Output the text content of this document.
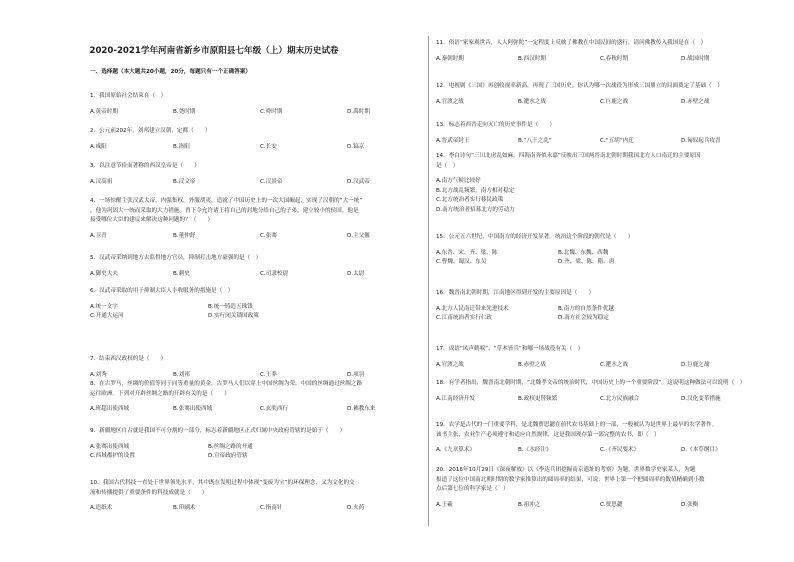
2020-2021学年河南省新乡市原阳县七年级（上）期末历史试卷
一、选择题（本大题共20小题，20分，每题只有一个正确答案）
1．我国原始社会结束在（　）
A.黄帝时期	B.尧时期	C.舜时期	D.禹时期
2．公元前202年，刘邦建立汉朝，定都（　　）
A.咸阳	B.洛阳	C.长安	D.镐京
3．以注意节俭而著称的西汉皇帝是（　　）
A.汉高祖	B.汉文帝	C.汉景帝	D.汉武帝
4．一场惊醒主张汉武大帝，内强集权，外服胡夷，造就了中国历史上的一次大国崛起，实现了汉朝的“大一统”
，他为巩固大一统而采取的大力措施。曾下令允许诸王将自己的封地分给自己的子弟，建立较小的侯国。他是
接受哪位大臣的建议来解决这种问题的？（　　）
A.卫青	B.董仲舒	C.张骞	D.主父偃
5．汉武帝采纳到地方去监督地方官员，抑制打击地方豪强的是（　）
A.御史大夫	B.刺史	C.司隶校尉	D.太尉
6．汉武帝采取的用于抑制大臣人丰收服务的措施是（　）
A.统一文字	B.统一铸造五铢钱
C.开通大运河	D.实行闭关锁国政策
7．结束西汉政权的是（　　）
A.刘秀	B.刘邦	C.王莽	D.项羽
8．在古罗马，丝绸的价值等同于同等重量的黄金，古罗马人们以穿上中国丝绸为荣。中国的丝绸通过丝绸之路
运往欧洲。下列对开辟丝绸之路的开辟有关的是（　　）
A.班超出使西域	B.张骞出使西域	C.玄奘西行	D.佛教东来
9．新疆地区自古就是我国不可分割的一部分，标志着新疆地区正式归属中央政府管辖的是始于（　　）
A.张骞出使西域	B.丝绸之路的开通
C.西域都护的设置	D.宣帝政府管辖
10．我国古代科技一直处于世界领先水平，其中既在发明过程中体现“变废为宝”的环保理念，又为文化的交
流和传播提供了重要条件的科技成就是（　　）
A.造纸术	B.印刷术	C.指南针	D.火药
11．俗语“家家观世音，人人阿弥陀”一定程度上反映了佛教在中国民间的盛行。请问佛教传入我国是在（　）
A.秦朝时期	B.西汉时期	C.春秋时期	D.战国时期
12．电视剧《三国》再创收视率新高，再现了三国历史。你认为哪一次战役为形成三国鼎立的局面奠定了基础（　）
A.官渡之战	B.淝水之战	C.巨鹿之战	D.赤壁之战
13．标志着西晋走向灭亡的历史事件是（　　）
A.晋武帝封王	B.“八王之乱”	C.“五胡”内迁	D.匈奴起兵攻晋
14．李白诗句“三川北虏乱如麻，四海南奔似永嘉”反映出三国两晋南北朝时期我国北方人口南迁的主要原因
是（　）
A.南方气候比较好
B.北方战乱频繁，南方相对稳定
C.北方统治者实行移民政策
D.南方统治者招募北方的劳动力
15．公元五六世纪，中国南方的经济开发显著。统治这个阶段的朝代是（　　）
A.东晋、宋、齐、梁、陈	B.北魏、东魏、西魏
C.曹魏、蜀汉、东吴	D.齐、梁、陈、隋、唐
16．魏晋南北朝时期，江南地区得到开发的主要原因是（　　）
A.北方人民南迁带来先进技术	B.南方的自然条件优越
C.江南统治者实行仁政	D.南方社会较为稳定
17．成语“风声鹤唳”、“草木皆兵”和哪一场战役有关（　）
A.官渡之战	B.赤壁之战	C.淝水之战	D.巨鹿之战
18．有学者指出，魏晋南北朝时期，“北魏孝文帝的统治时代，中国历史上的一个重要阶段”。这说明这种做法可以说明（　）
A.江南经济开发	B.政权更替频繁	C.北方民族融合	D.汉化变革措施
19．农学是古代的一门重要学科，是北魏贾思勰在前代农书基础上的一部，一般被认为是世界上最早的农学著作。
该书主张，农业生产必须遵守和适应自然规律，这是我国现存第一部完整的农书，即（　）
A.《九章算术》	B.《水经注》	C.《齐民要术》	D.《本草纲目》
20．2016年10月29日《深夜解放》以《李达兵团挖掘南京遗址的考察》为题，世界数学史家某人，为题
报道了这位中国南北朝时期的数学家推算出的圆周率的结果，可说：世界上第一个把圆周率的数值精确到小数
点后第七位的科学家是（　）
A.王羲	B.祖冲之	C.贾思勰	D.张衡
